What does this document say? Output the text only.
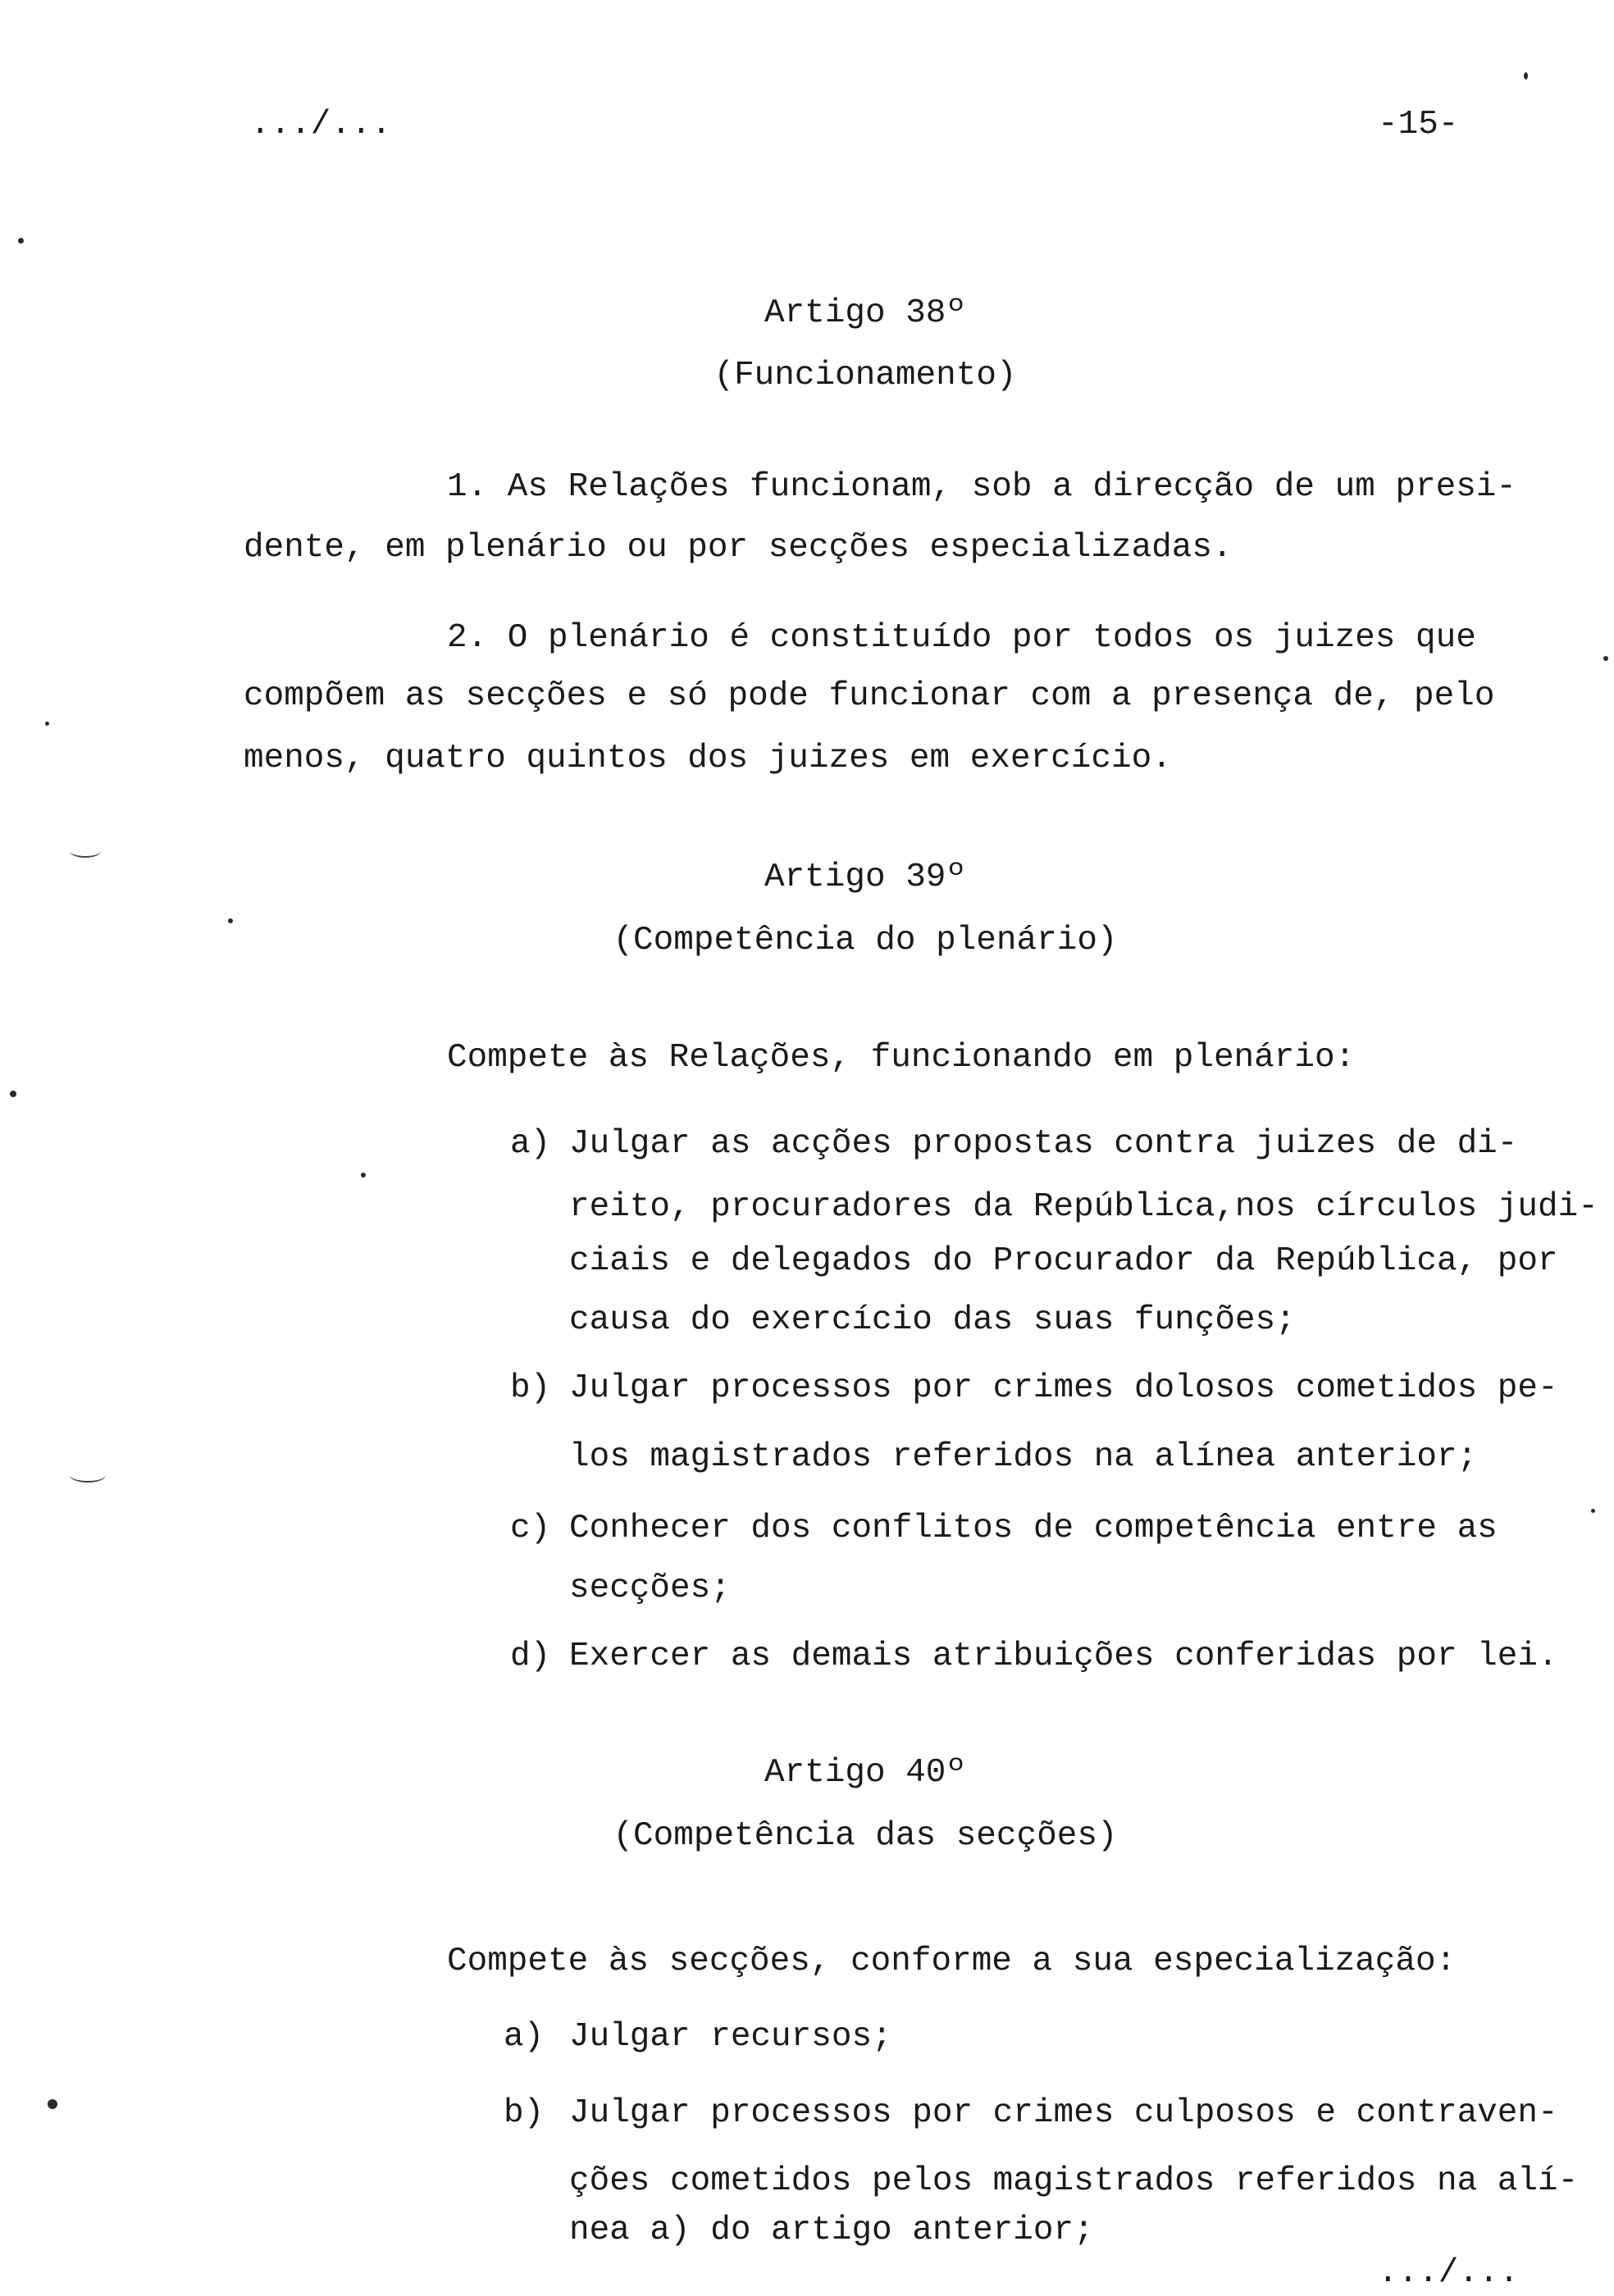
.../...	-15-
Artigo 38º
(Funcionamento)
1. As Relações funcionam, sob a direcção de um presi-
dente, em plenário ou por secções especializadas.
2. O plenário é constituído por todos os juizes que
compõem as secções e só pode funcionar com a presença de, pelo
menos, quatro quintos dos juizes em exercício.
Artigo 39º
(Competência do plenário)
Compete às Relações, funcionando em plenário:
a) Julgar as acções propostas contra juizes de di-
reito, procuradores da República,nos círculos judi-
ciais e delegados do Procurador da República, por
causa do exercício das suas funções;
b) Julgar processos por crimes dolosos cometidos pe-
los magistrados referidos na alínea anterior;
c) Conhecer dos conflitos de competência entre as
secções;
d) Exercer as demais atribuições conferidas por lei.
Artigo 40º
(Competência das secções)
Compete às secções, conforme a sua especialização:
a) Julgar recursos;
b) Julgar processos por crimes culposos e contraven-
ções cometidos pelos magistrados referidos na alí-
nea a) do artigo anterior;
.../...
